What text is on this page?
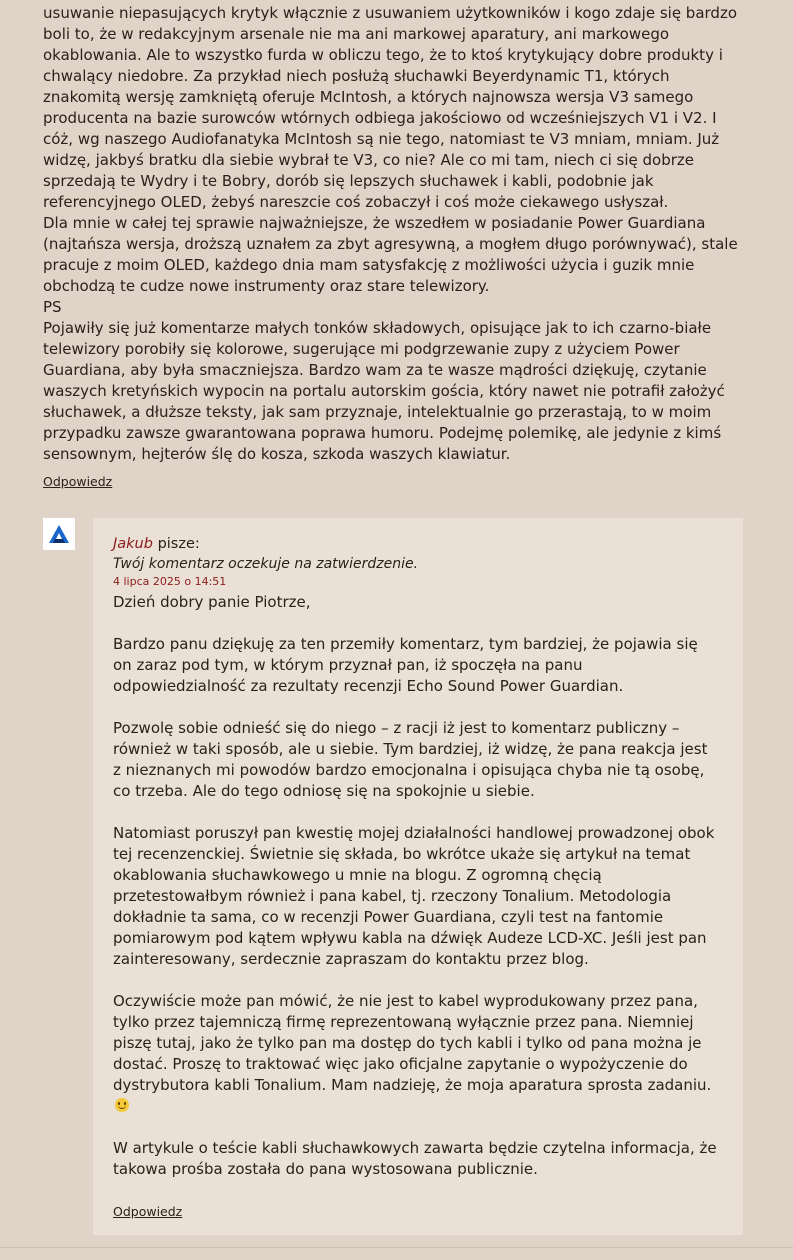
usuwanie niepasujących krytyk włącznie z usuwaniem użytkowników i kogo zdaje się bardzo boli to, że w redakcyjnym arsenale nie ma ani markowej aparatury, ani markowego okablowania. Ale to wszystko furda w obliczu tego, że to ktoś krytykujący dobre produkty i chwalący niedobre. Za przykład niech posłużą słuchawki Beyerdynamic T1, których znakomitą wersję zamkniętą oferuje McIntosh, a których najnowsza wersja V3 samego producenta na bazie surowców wtórnych odbiega jakościowo od wcześniejszych V1 i V2. I cóż, wg naszego Audiofanatyka McIntosh są nie tego, natomiast te V3 mniam, mniam. Już widzę, jakbyś bratku dla siebie wybrał te V3, co nie? Ale co mi tam, niech ci się dobrze sprzedają te Wydry i te Bobry, dorób się lepszych słuchawek i kabli, podobnie jak referencyjnego OLED, żebyś nareszcie coś zobaczył i coś może ciekawego usłyszał.

Dla mnie w całej tej sprawie najważniejsze, że wszedłem w posiadanie Power Guardiana (najtańsza wersja, droższą uznałem za zbyt agresywną, a mogłem długo porównywać), stale pracuje z moim OLED, każdego dnia mam satysfakcję z możliwości użycia i guzik mnie obchodzą te cudze nowe instrumenty oraz stare telewizory.

PS

Pojawiły się już komentarze małych tonków składowych, opisujące jak to ich czarno-białe telewizory porobiły się kolorowe, sugerujące mi podgrzewanie zupy z użyciem Power Guardiana, aby była smaczniejsza. Bardzo wam za te wasze mądrości dziękuję, czytanie waszych kretyńskich wypocin na portalu autorskim gościa, który nawet nie potrafił założyć słuchawek, a dłuższe teksty, jak sam przyznaje, intelektualnie go przerastają, to w moim przypadku zawsze gwarantowana poprawa humoru. Podejmę polemikę, ale jedynie z kimś sensownym, hejterów ślę do kosza, szkoda waszych klawiatur.

Odpowiedz
Jakub pisze:
Twój komentarz oczekuje na zatwierdzenie.
4 lipca 2025 o 14:51

Dzień dobry panie Piotrze,

Bardzo panu dziękuję za ten przemiły komentarz, tym bardziej, że pojawia się on zaraz pod tym, w którym przyznał pan, iż spoczęła na panu odpowiedzialność za rezultaty recenzji Echo Sound Power Guardian.

Pozwolę sobie odnieść się do niego – z racji iż jest to komentarz publiczny – również w taki sposób, ale u siebie. Tym bardziej, iż widzę, że pana reakcja jest z nieznanych mi powodów bardzo emocjonalna i opisująca chyba nie tą osobę, co trzeba. Ale do tego odniosę się na spokojnie u siebie.

Natomiast poruszył pan kwestię mojej działalności handlowej prowadzonej obok tej recenzenckiej. Świetnie się składa, bo wkrótce ukaże się artykuł na temat okablowania słuchawkowego u mnie na blogu. Z ogromną chęcią przetestowałbym również i pana kabel, tj. rzeczony Tonalium. Metodologia dokładnie ta sama, co w recenzji Power Guardiana, czyli test na fantomie pomiarowym pod kątem wpływu kabla na dźwięk Audeze LCD-XC. Jeśli jest pan zainteresowany, serdecznie zapraszam do kontaktu przez blog.

Oczywiście może pan mówić, że nie jest to kabel wyprodukowany przez pana, tylko przez tajemniczą firmę reprezentowaną wyłącznie przez pana. Niemniej piszę tutaj, jako że tylko pan ma dostęp do tych kabli i tylko od pana można je dostać. Proszę to traktować więc jako oficjalne zapytanie o wypożyczenie do dystrybutora kabli Tonalium. Mam nadzieję, że moja aparatura sprosta zadaniu.

W artykule o teście kabli słuchawkowych zawarta będzie czytelna informacja, że takowa prośba została do pana wystosowana publicznie.

Odpowiedz
